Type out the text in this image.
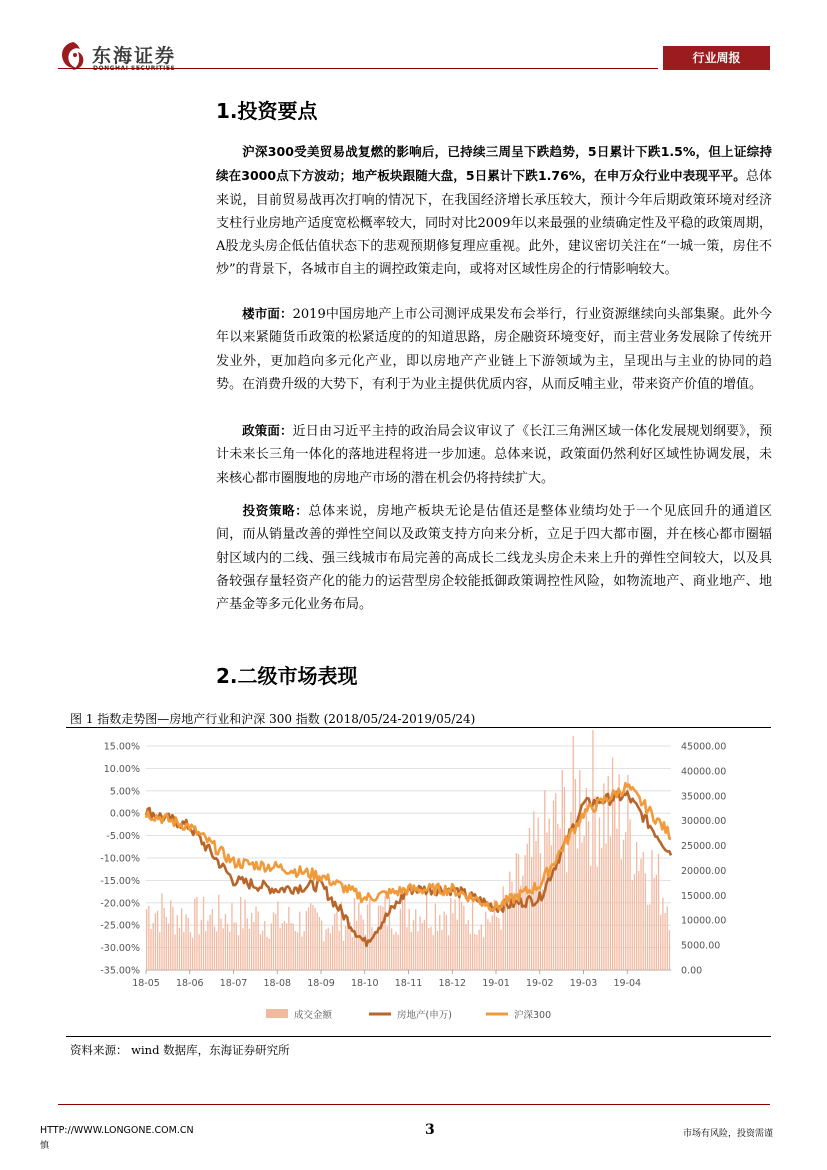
东海证券	行业周报
1.投资要点
沪深300受美贸易战复燃的影响后，已持续三周呈下跌趋势，5日累计下跌1.5%，但上证综持续在3000点下方波动；地产板块跟随大盘，5日累计下跌1.76%，在申万众行业中表现平平。总体来说，目前贸易战再次打响的情况下，在我国经济增长承压较大，预计今年后期政策环境对经济支柱行业房地产适度宽松概率较大，同时对比2009年以来最强的业绩确定性及平稳的政策周期，A股龙头房企低估值状态下的悲观预期修复理应重视。此外，建议密切关注在“一城一策，房住不炒”的背景下，各城市自主的调控政策走向，或将对区域性房企的行情影响较大。
楼市面：2019中国房地产上市公司测评成果发布会举行，行业资源继续向头部集聚。此外今年以来紧随货币政策的松紧适度的的知道思路，房企融资环境变好，而主营业务发展除了传统开发业外，更加趋向多元化产业，即以房地产产业链上下游领域为主，呈现出与主业的协同的趋势。在消费升级的大势下，有利于为业主提供优质内容，从而反哺主业，带来资产价值的增值。
政策面：近日由习近平主持的政治局会议审议了《长江三角洲区域一体化发展规划纲要》，预计未来长三角一体化的落地进程将进一步加速。总体来说，政策面仍然利好区域性协调发展，未来核心都市圈腹地的房地产市场的潜在机会仍将持续扩大。
投资策略：总体来说，房地产板块无论是估值还是整体业绩均处于一个见底回升的通道区间，而从销量改善的弹性空间以及政策支持方向来分析，立足于四大都市圈，并在核心都市圈辐射区域内的二线、强三线城市布局完善的高成长二线龙头房企未来上升的弹性空间较大，以及具备较强存量轻资产化的能力的运营型房企较能抵御政策调控性风险，如物流地产、商业地产、地产基金等多元化业务布局。
2.二级市场表现
图 1 指数走势图—房地产行业和沪深 300 指数 (2018/05/24-2019/05/24)
15.00%
10.00%
5.00%
0.00%
-5.00%
-10.00%
-15.00%
-20.00%
-25.00%
-30.00%
-35.00%
45000.00
40000.00
35000.00
30000.00
25000.00
20000.00
15000.00
10000.00
5000.00
0.00
18-05 18-06 18-07 18-08 18-09 18-10 18-11 18-12 19-01 19-02 19-03 19-04
成交金额	房地产(申万)	沪深300
资料来源： wind 数据库，东海证券研究所
HTTP://WWW.LONGONE.COM.CN	3	市场有风险，投资需谨
慎
